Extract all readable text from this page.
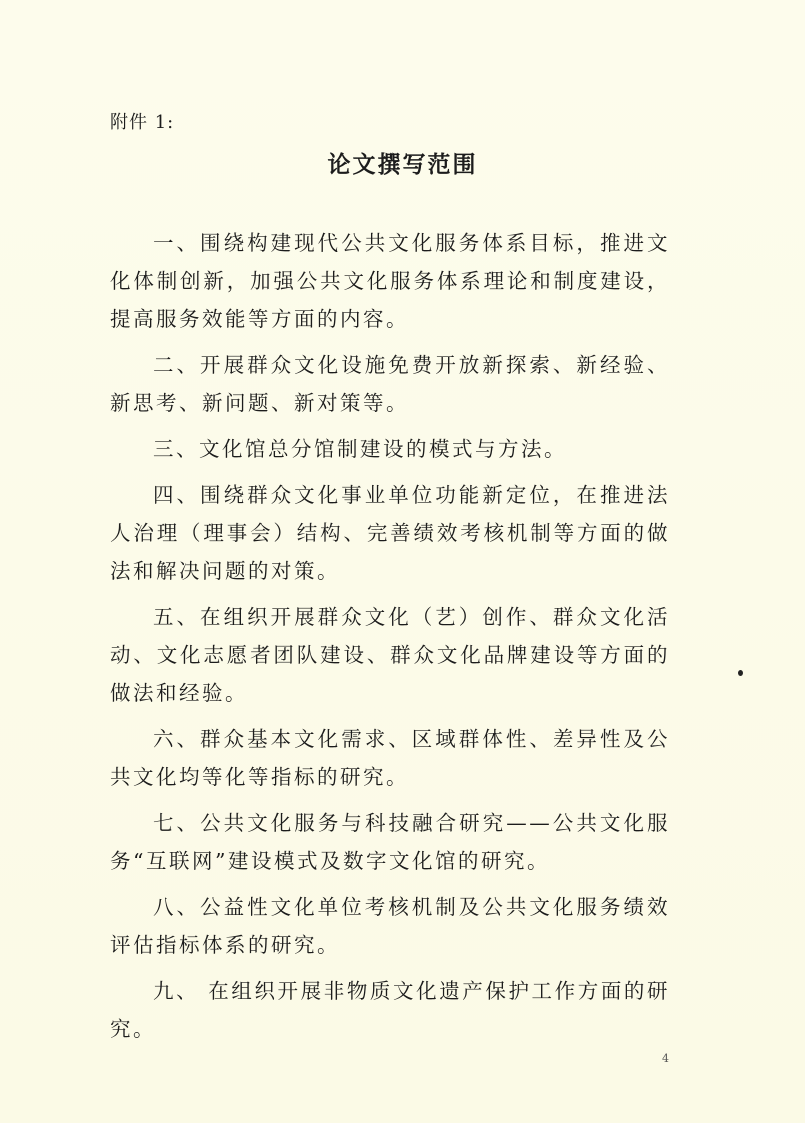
附件 1:
论文撰写范围

一、围绕构建现代公共文化服务体系目标，推进文化体制创新，加强公共文化服务体系理论和制度建设，提高服务效能等方面的内容。

二、开展群众文化设施免费开放新探索、新经验、新思考、新问题、新对策等。

三、文化馆总分馆制建设的模式与方法。

四、围绕群众文化事业单位功能新定位，在推进法人治理（理事会）结构、完善绩效考核机制等方面的做法和解决问题的对策。

五、在组织开展群众文化（艺）创作、群众文化活动、文化志愿者团队建设、群众文化品牌建设等方面的做法和经验。

六、群众基本文化需求、区域群体性、差异性及公共文化均等化等指标的研究。

七、公共文化服务与科技融合研究——公共文化服务“互联网”建设模式及数字文化馆的研究。

八、公益性文化单位考核机制及公共文化服务绩效评估指标体系的研究。

九、 在组织开展非物质文化遗产保护工作方面的研究。

4
